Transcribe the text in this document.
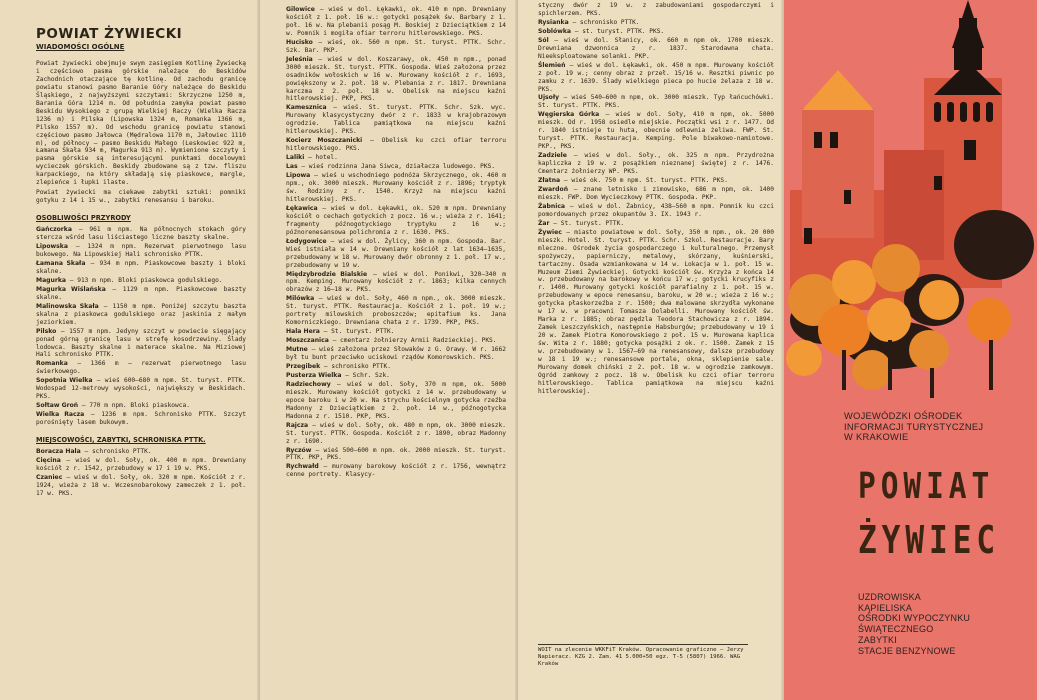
POWIAT ŻYWIECKI
WIADOMOŚCI OGÓLNE

Powiat żywiecki obejmuje swym zasięgiem Kotlinę Żywiecką i częściowo pasma górskie należące do Beskidów Zachodnich otaczające tę kotlinę. Od zachodu granicę powiatu stanowi pasmo Baranie Góry należące do Beskidu Śląskiego, z najwyższymi szczytami: Skrzyczne 1250 m, Barania Góra 1214 m. Od południa zamyka powiat pasmo Beskidu Wysokiego z grupą Wielkiej Raczy (Wielka Racza 1236 m) i Pilska (Lipowska 1324 m, Romanka 1366 m, Pilsko 1557 m). Od wschodu granicę powiatu stanowi częściowo pasmo Jałowca (Mędralowa 1170 m, Jałowiec 1110 m), od północy — pasmo Beskidu Małego (Leskowiec 922 m, Łamana Skała 934 m, Magurka 913 m). Wymienione szczyty i pasma górskie są interesującymi punktami docelowymi wycieczek górskich. Beskidy zbudowane są z tzw. fliszu karpackiego, na który składają się piaskowce, margle, zlepieńce i łupki ilaste.

Powiat żywiecki ma ciekawe zabytki sztuki: pomniki gotyku z 14 i 15 w., zabytki renesansu i baroku.

OSOBLIWOŚCI PRZYRODY

Gańczorka — 961 m npm. Na północnych stokach góry stercza wśród lasu liściastego liczne baszty skalne.

Lipowska — 1324 m npm. Rezerwat pierwotnego lasu bukowego. Na Lipowskiej Hali schronisko PTTK.

Łamana Skała — 934 m npm. Piaskowcowe baszty i bloki skalne.

Magurka — 913 m npm. Bloki piaskowca godulskiego.

Magurka Wiślańska — 1129 m npm. Piaskowcowe baszty skalne.

Malinowska Skała — 1150 m npm. Poniżej szczytu baszta skalna z piaskowca godulskiego oraz jaskinia z małym jeziorkiem.

Pilsko — 1557 m npm. Jedyny szczyt w powiecie sięgający ponad górną granicę lasu w strefę kosodrzewiny. Ślady lodowca. Baszty skalne i materace skalne. Na Miziowej Hali schronisko PTTK.

Romanka — 1366 m — rezerwat pierwotnego lasu świerkowego.

Sopotnia Wielka — wieś 600—680 m npm. St. turyst. PTTK. Wodospad 12-metrowy wysokości, największy w Beskidach. PKS.

Sołtaw Groń — 770 m npm. Bloki piaskowca.

Wielka Racza — 1236 m npm. Schronisko PTTK. Szczyt porośnięty lasem bukowym.

MIEJSCOWOŚCI, ZABYTKI, SCHRONISKA PTTK.

Boracza Hala — schronisko PTTK.

Cięcina — wieś w dol. Soły, ok. 400 m npm. Drewniany kościół z r. 1542, przebudowy w 17 i 19 w. PKS.

Czaniec — wieś w dol. Soły, ok. 320 m npm. Kościół z r. 1924, wieża z 18 w. Wczesnobarokowy zameczek z 1. poł. 17 w. PKS.

Gilowice — wieś w dol. Łękawki, ok. 410 m npm. Drewniany kościół z 1. poł. 16 w.: gotycki posążek św. Barbary z 1. poł. 16 w. Na plebanii posąg M. Boskiej z Dzieciątkiem z 14 w. Pomnik i mogiła ofiar terroru hitlerowskiego. PKS.

Hucisko — wieś, ok. 560 m npm. St. turyst. PTTK. Schr. Szk. Bar. PKP.

Jeleśnia — wieś w dol. Koszarawy, ok. 450 m npm., ponad 3000 mieszk. St. turyst. PTTK. Gospoda. Wieś założona przez osadników wołoskich w 16 w. Murowany kościół z r. 1693, powiększony w 2. poł. 18 w. Plebania z r. 1817. Drewniana karczma z 2. poł. 18 w. Obelisk na miejscu kaźni hitlerowskiej. PKP, PKS.

Kamesznica — wieś. St. turyst. PTTK. Schr. Szk. wyc. Murowany klasycystyczny dwór z r. 1833 w krajobrazowym ogrodzie. Tablica pamiątkowa na miejscu kaźni hitlerowskiej. PKS.

Kocierz Moszczanicki — Obelisk ku czci ofiar terroru hitlerowskiego. PKS.

Laliki — hotel.

Las — wieś rodzinna Jana Siwca, działacza ludowego. PKS.

Lipowa — wieś u wschodniego podnóża Skrzycznego, ok. 460 m npm., ok. 3000 mieszk. Murowany kościół z r. 1896; tryptyk św. Rodziny z r. 1540. Krzyż na miejscu kaźni hitlerowskiej. PKS.

Łękawica — wieś w dol. Łękawki, ok. 520 m npm. Drewniany kościół o cechach gotyckich z pocz. 16 w.; wieża z r. 1641; fragmenty późnogotyckiego tryptyku z 16 w.; późnorenesansowa polichromia z r. 1630. PKS.

Łodygowice — wieś w dol. Żylicy, 360 m npm. Gospoda. Bar. Wieś istniała w 14 w. Drewniany kościół z lat 1634—1635, przebudowany w 18 w. Murowany dwór obronny z 1. poł. 17 w., przebudowany w 19 w.

Międzybrodzie Bialskie — wieś w dol. Ponikwi, 320—340 m npm. Kemping. Murowany kościół z r. 1863; kilka cennych obrazów z 16—18 w. PKS.

Milówka — wieś w dol. Soły, 460 m npm., ok. 3000 mieszk. St. turyst. PTTK. Restauracja. Kościół z 1. poł. 19 w.; portrety milowskich proboszczów; epitafium ks. Jana Komorniczkiego. Drewniana chata z r. 1739. PKP, PKS.

Hala Hera — St. turyst. PTTK.

Moszczanica — cmentarz żołnierzy Armii Radzieckiej. PKS.

Mutne — wieś założona przez Słowaków z G. Orawy. W r. 1662 był tu bunt przeciwko uciskowi rządów Komorowskich. PKS.

Przegibek — schronisko PTTK.

Pusterza Wielka — Schr. Szk.

Radziechowy — wieś w dol. Soły, 370 m npm, ok. 5000 mieszk. Murowany kościół gotycki z 14 w. przebudowany w epoce baroku i w 20 w. Na strychu kościelnym gotycka rzeźba Madonny z Dzieciątkiem z 2. poł. 14 w., późnogotycka Madonna z r. 1510. PKP, PKS.

Rajcza — wieś w dol. Soły, ok. 480 m npm, ok. 3000 mieszk. St. turyst. PTTK. Gospoda. Kościół z r. 1890, obraz Madonny z r. 1690.

Ryczów — wieś 500—600 m npm. ok. 2000 mieszk. St. turyst. PTTK. PKP, PKS.

Rychwałd — murowany barokowy kościół z r. 1756, wewnątrz cenne portrety. Klasycy-

styczny dwór z 19 w. z zabudowaniami gospodarczymi i spichlerzem. PKS.

Rysianka — schronisko PTTK.

Soblówka — st. turyst. PTTK. PKS.

Sól — wieś w dol. Słanicy, ok. 660 m npm ok. 1700 mieszk. Drewniana dzwonnica z r. 1837. Starodawna chata. Nieeksploatowane solanki. PKP.

Ślemień — wieś w dol. Łękawki, ok. 450 m npm. Murowany kościół z poł. 19 w.; cenny obraz z przeł. 15/16 w. Resztki piwnic po zamku z r. 1639. Ślady wielkiego pieca po hucie żelaza z 18 w. PKS.

Ujsoły — wieś 540—600 m npm, ok. 3000 mieszk. Typ łańcuchówki. St. turyst. PTTK. PKS.

Węgierska Górka — wieś w dol. Soły, 410 m npm, ok. 5000 mieszk. Od r. 1958 osiedle miejskie. Początki wsi z r. 1477. Od r. 1840 istnieje tu huta, obecnie odlewnia żeliwa. FWP. St. turyst. PTTK. Restauracja. Kemping. Pole biwakowo-namiotowe. PKP., PKS.

Zadziele — wieś w dol. Soły., ok. 325 m npm. Przydrożna kapliczka z 19 w. z posążkiem nieznanej świętej z r. 1476. Cmentarz żołnierzy WP. PKS.

Złatna — wieś ok. 750 m npm. St. turyst. PTTK. PKS.

Zwardoń — znane letnisko i zimowisko, 686 m npm, ok. 1400 mieszk. FWP. Dom Wycieczkowy PTTK. Gospoda. PKP.

Żabnica — wieś w dol. Żabnicy, 438—560 m npm. Pomnik ku czci pomordowanych przez okupantów 3. IX. 1943 r.

Żar — St. turyst. PTTK.

Żywiec — miasto powiatowe w dol. Soły, 350 m npm., ok. 20 000 mieszk. Hotel. St. turyst. PTTK. Schr. Szkol. Restauracje. Bary mleczne. Ośrodek życia gospodarczego i kulturalnego. Przemysł spożywczy, papierniczy, metalowy, skórzany, kuśnierski, tartaczny. Osada wzmiankowana w 14 w. Lokacja w 1. poł. 15 w. Muzeum Ziemi Żywieckiej. Gotycki kościół św. Krzyża z końca 14 w. przebudowany na barokowy w końcu 17 w.; gotycki krucyfiks z r. 1400. Murowany gotycki kościół parafialny z 1. poł. 15 w. przebudowany w epoce renesansu, baroku, w 20 w.; wieża z 16 w.; gotycka płaskorzeźba z r. 1500; dwa malowane skrzydła wykonane w 17 w. w pracowni Tomasza Dolabelli. Murowany kościół św. Marka z r. 1885; obraz pędzla Teodora Stachowicza z r. 1894. Zamek Leszczyńskich, następnie Habsburgów; przebudowany w 19 i 20 w. Zamek Piotra Komorowskiego z poł. 15 w. Murowana kaplica św. Wita z r. 1880; gotycka posążki z ok. r. 1500. Zamek z 15 w. przebudowany w 1. 1567—69 na renesansowy, dalsze przebudowy w 18 i 19 w.; renesansowe portale, okna, sklepienie sale. Murowany domek chiński z 2. poł. 18 w. w ogrodzie zamkowym. Ogród zamkowy z pocz. 18 w. Obelisk ku czci ofiar terroru hitlerowskiego. Tablica pamiątkowa na miejscu kaźni hitlerowskiej.

WOIT na zlecenie WKKFiT Kraków. Opracowanie graficzne — Jerzy Napieracz. KZG 2. Zam. 41 5.000+50 egz. T-5 (5807) 1966. WAG Kraków
WOJEWÓDZKI OŚRODEK
INFORMACJI TURYSTYCZNEJ
W KRAKOWIE
POWIAT
ŻYWIEC
UZDROWISKA
KĄPIELISKA
OŚRODKI WYPOCZYNKU
ŚWIĄTECZNEGO
ZABYTKI
STACJE BENZYNOWE
